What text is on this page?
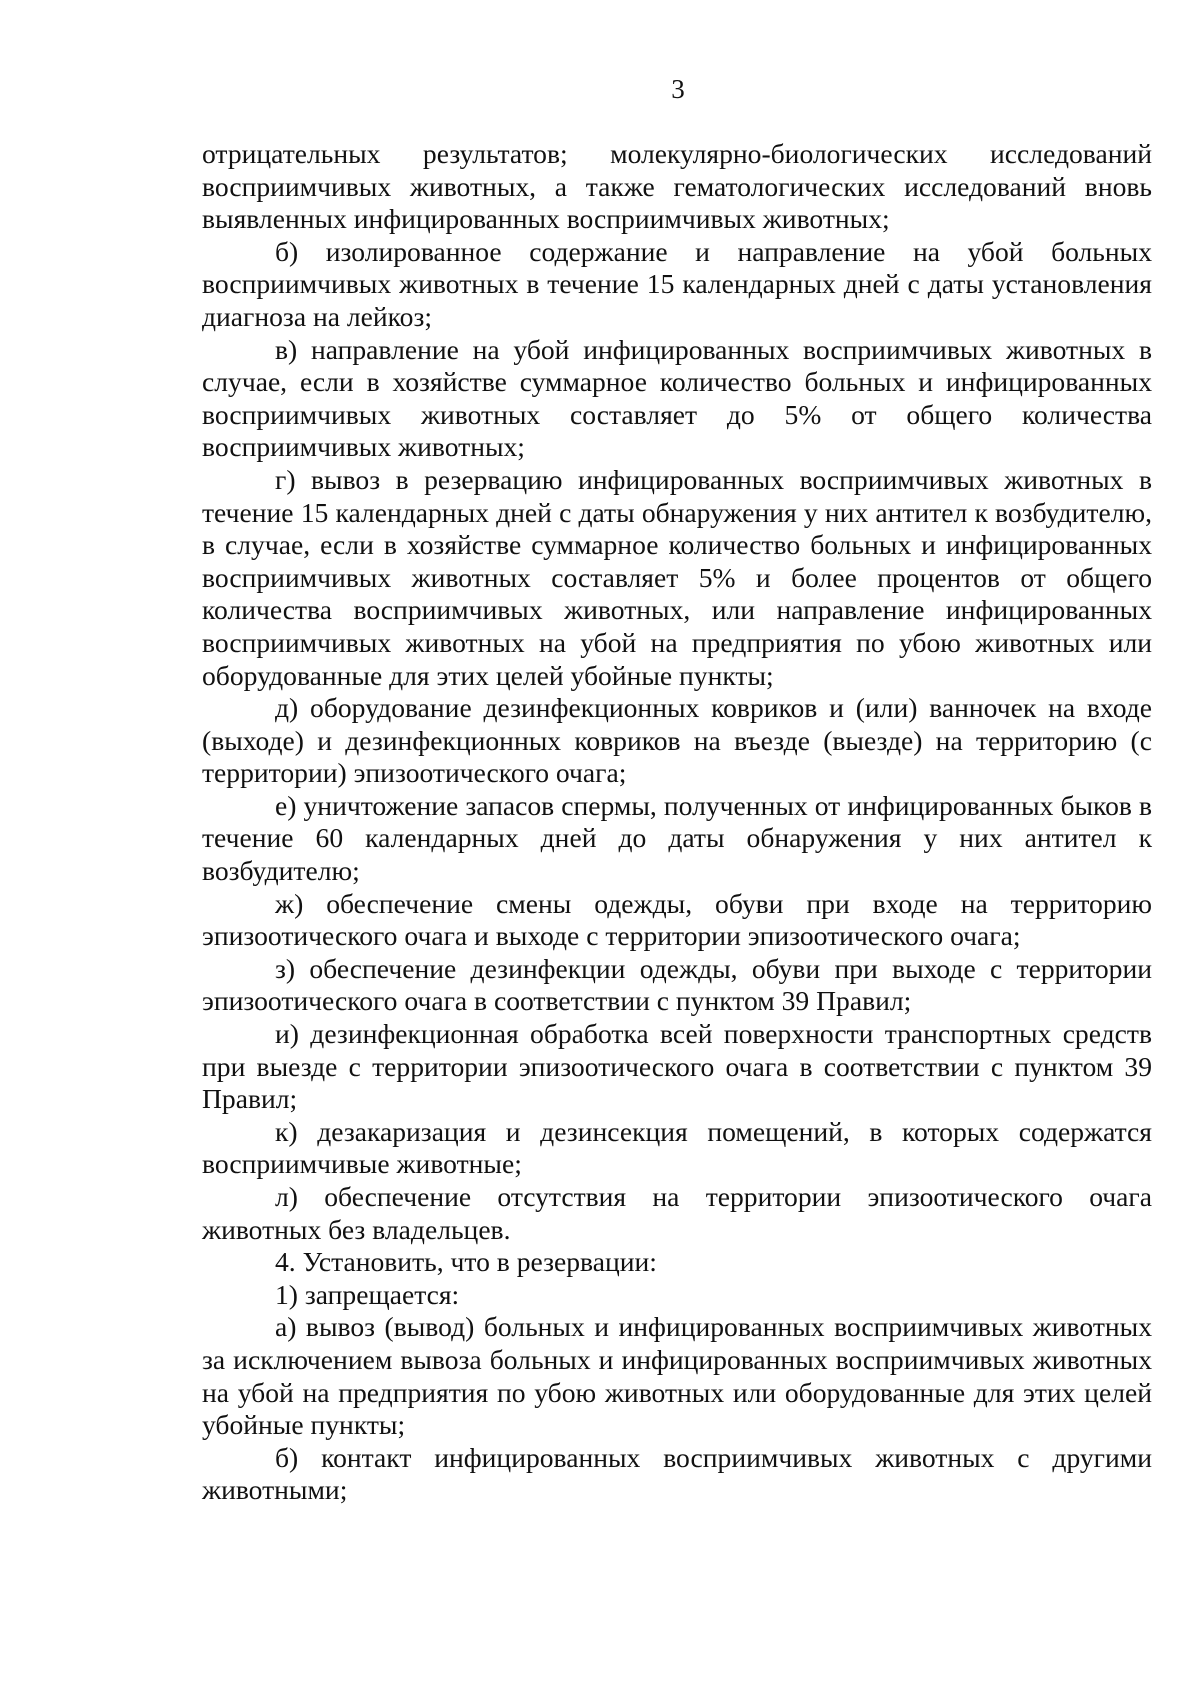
3

отрицательных результатов; молекулярно-биологических исследований восприимчивых животных, а также гематологических исследований вновь выявленных инфицированных восприимчивых животных;

б) изолированное содержание и направление на убой больных восприимчивых животных в течение 15 календарных дней с даты установления диагноза на лейкоз;

в) направление на убой инфицированных восприимчивых животных в случае, если в хозяйстве суммарное количество больных и инфицированных восприимчивых животных составляет до 5% от общего количества восприимчивых животных;

г) вывоз в резервацию инфицированных восприимчивых животных в течение 15 календарных дней с даты обнаружения у них антител к возбудителю, в случае, если в хозяйстве суммарное количество больных и инфицированных восприимчивых животных составляет 5% и более процентов от общего количества восприимчивых животных, или направление инфицированных восприимчивых животных на убой на предприятия по убою животных или оборудованные для этих целей убойные пункты;

д) оборудование дезинфекционных ковриков и (или) ванночек на входе (выходе) и дезинфекционных ковриков на въезде (выезде) на территорию (с территории) эпизоотического очага;

е) уничтожение запасов спермы, полученных от инфицированных быков в течение 60 календарных дней до даты обнаружения у них антител к возбудителю;

ж) обеспечение смены одежды, обуви при входе на территорию эпизоотического очага и выходе с территории эпизоотического очага;

з) обеспечение дезинфекции одежды, обуви при выходе с территории эпизоотического очага в соответствии с пунктом 39 Правил;

и) дезинфекционная обработка всей поверхности транспортных средств при выезде с территории эпизоотического очага в соответствии с пунктом 39 Правил;

к) дезакаризация и дезинсекция помещений, в которых содержатся восприимчивые животные;

л) обеспечение отсутствия на территории эпизоотического очага животных без владельцев.

4. Установить, что в резервации:

1) запрещается:

а) вывоз (вывод) больных и инфицированных восприимчивых животных за исключением вывоза больных и инфицированных восприимчивых животных на убой на предприятия по убою животных или оборудованные для этих целей убойные пункты;

б) контакт инфицированных восприимчивых животных с другими животными;
